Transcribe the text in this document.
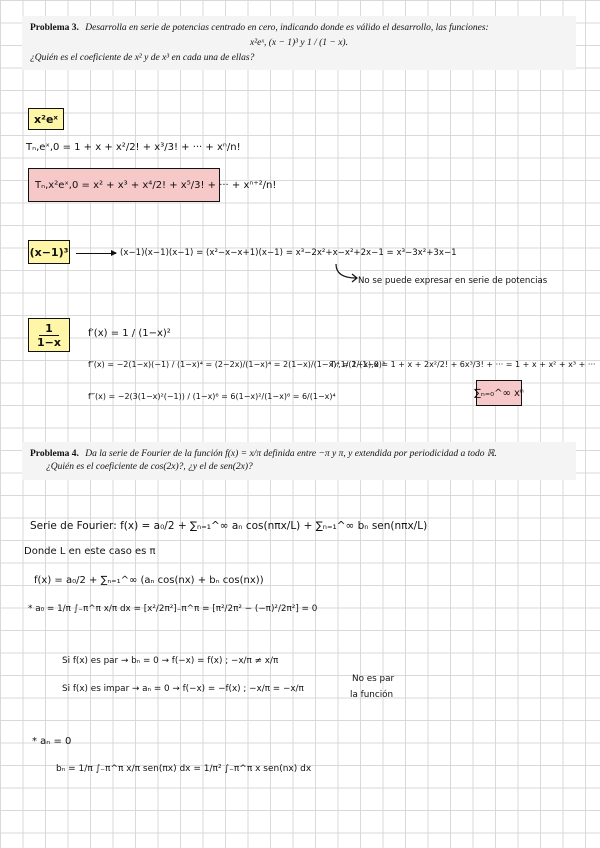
Problema 3. Desarrolla en serie de potencias centrado en cero, indicando donde es válido el desarrollo, las funciones:
x²eˣ, (x − 1)³ y 1 / (1 − x).
¿Quién es el coeficiente de x² y de x³ en cada una de ellas?
x²eˣ
Tₙ,eˣ,0 = 1 + x + x²/2! + x³/3! + ··· + xⁿ/n!
Tₙ,x²eˣ,0 = x² + x³ + x⁴/2! + x⁵/3! + ··· + xⁿ⁺²/n!
(x−1)³	(x−1)(x−1)(x−1) = (x²−x−x+1)(x−1) = x³−2x²+x−x²+2x−1 = x³−3x²+3x−1
No se puede expresar en serie de potencias
$\frac{1}{1-x} f'(x) = 1 / (1-x)^2$
f″(x) = −2(1−x)(−1) / (1−x)⁴ = (2−2x)/(1−x)⁴ = 2(1−x)/(1−x)⁴ = 2/(1−x)³
f‴(x) = −2(3(1−x)²(−1)) / (1−x)⁶ = 6(1−x)²/(1−x)⁶ = 6/(1−x)⁴
Tₙ,1/(1−x),0 = 1 + x + 2x²/2! + 6x³/3! + ··· = 1 + x + x² + x³ + ···
∑ₙ₌₀^∞ xⁿ
Problema 4. Da la serie de Fourier de la función f(x) = x/π definida entre −π y π, y extendida por periodicidad a todo ℝ.
¿Quién es el coeficiente de cos(2x)?, ¿y el de sen(2x)?
Serie de Fourier: f(x) = a₀/2 + ∑ₙ₌₁^∞ aₙ cos(nπx/L) + ∑ₙ₌₁^∞ bₙ sen(nπx/L)
Donde L en este caso es π
f(x) = a₀/2 + ∑ₙ₌₁^∞ (aₙ cos(nx) + bₙ cos(nx))
* a₀ = 1/π ∫₋π^π x/π dx = [x²/2π²]₋π^π = [π²/2π² − (−π)²/2π²] = 0
Si f(x) es par → bₙ = 0 → f(−x) = f(x) ; −x/π ≠ x/π
Si f(x) es impar → aₙ = 0 → f(−x) = −f(x) ; −x/π = −x/π
No es par
la función
* aₙ = 0
bₙ = 1/π ∫₋π^π x/π sen(πx) dx = 1/π² ∫₋π^π x sen(nx) dx
